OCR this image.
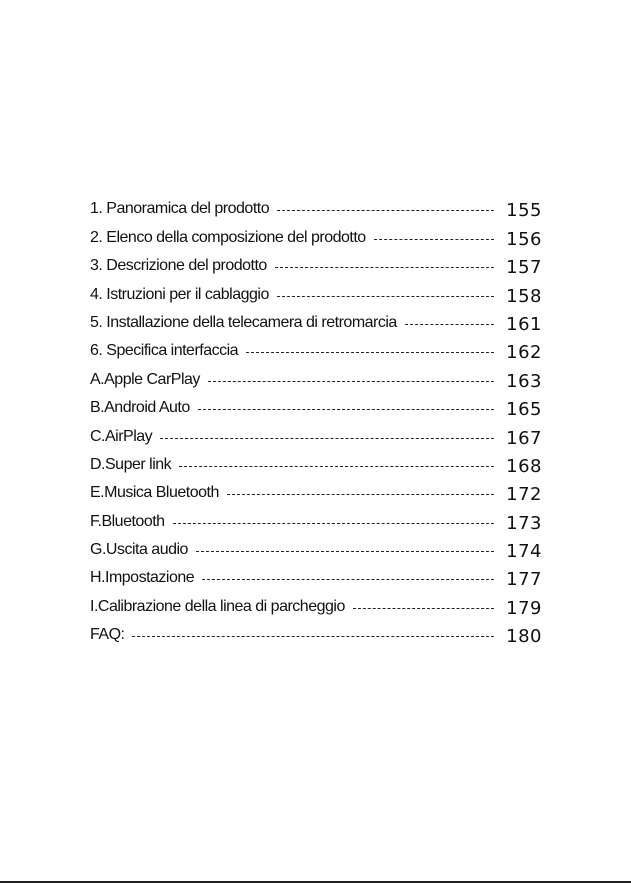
1. Panoramica del prodotto	155
2. Elenco della composizione del prodotto	156
3. Descrizione del prodotto	157
4. Istruzioni per il cablaggio	158
5. Installazione della telecamera di retromarcia	161
6. Specifica interfaccia	162
A.Apple CarPlay	163
B.Android Auto	165
C.AirPlay	167
D.Super link	168
E.Musica Bluetooth	172
F.Bluetooth	173
G.Uscita audio	174
H.Impostazione	177
I.Calibrazione della linea di parcheggio	179
FAQ:	180
